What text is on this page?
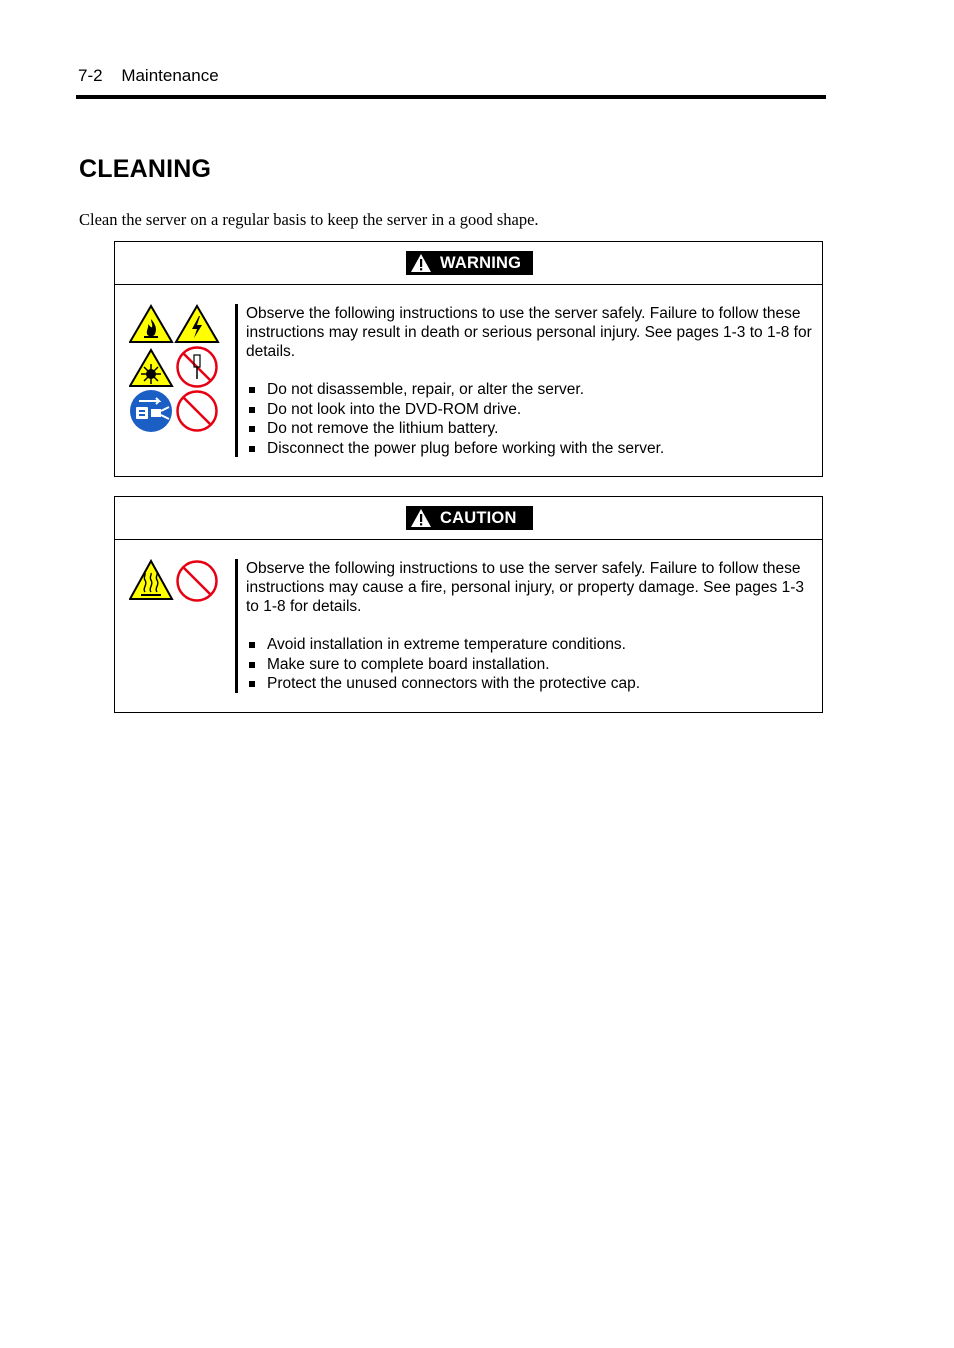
7-2 Maintenance
CLEANING
Clean the server on a regular basis to keep the server in a good shape.
WARNING

Observe the following instructions to use the server safely. Failure to follow these instructions may result in death or serious personal injury. See pages 1-3 to 1-8 for details.

Do not disassemble, repair, or alter the server.
Do not look into the DVD-ROM drive.
Do not remove the lithium battery.
Disconnect the power plug before working with the server.
CAUTION

Observe the following instructions to use the server safely. Failure to follow these instructions may cause a fire, personal injury, or property damage. See pages 1-3 to 1-8 for details.

Avoid installation in extreme temperature conditions.
Make sure to complete board installation.
Protect the unused connectors with the protective cap.
